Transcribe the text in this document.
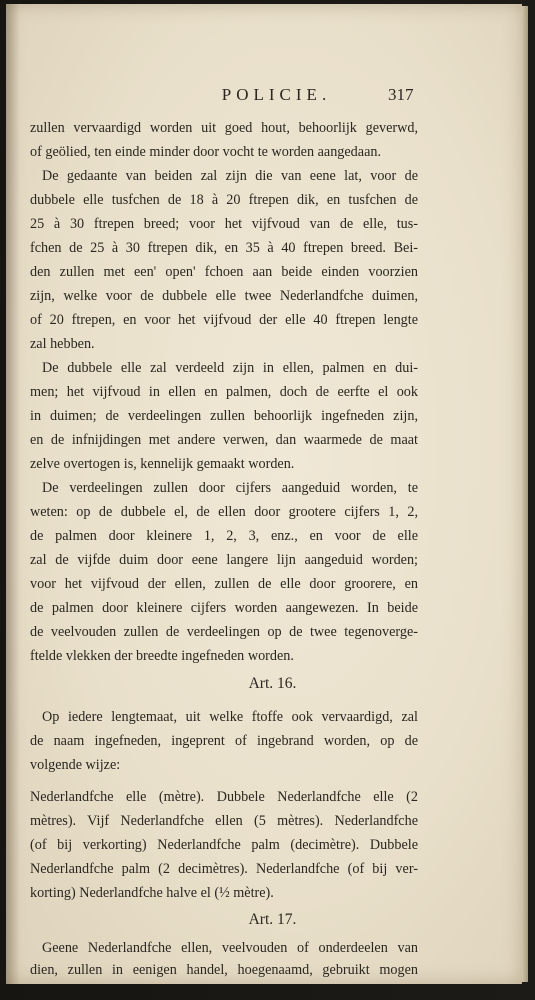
POLICIE.	317
zullen vervaardigd worden uit goed hout, behoorlijk geverwd,
of geölied, ten einde minder door vocht te worden aangedaan.
De gedaante van beiden zal zijn die van eene lat, voor de
dubbele elle tusfchen de 18 à 20 ftrepen dik, en tusfchen de
25 à 30 ftrepen breed; voor het vijfvoud van de elle, tus-
fchen de 25 à 30 ftrepen dik, en 35 à 40 ftrepen breed. Bei-
den zullen met een' open' fchoen aan beide einden voorzien
zijn, welke voor de dubbele elle twee Nederlandfche duimen,
of 20 ftrepen, en voor het vijfvoud der elle 40 ftrepen lengte
zal hebben.
De dubbele elle zal verdeeld zijn in ellen, palmen en dui-
men; het vijfvoud in ellen en palmen, doch de eerfte el ook
in duimen; de verdeelingen zullen behoorlijk ingefneden zijn,
en de infnijdingen met andere verwen, dan waarmede de maat
zelve overtogen is, kennelijk gemaakt worden.
De verdeelingen zullen door cijfers aangeduid worden, te
weten: op de dubbele el, de ellen door grootere cijfers 1, 2,
de palmen door kleinere 1, 2, 3, enz., en voor de elle
zal de vijfde duim door eene langere lijn aangeduid worden;
voor het vijfvoud der ellen, zullen de elle door groorere, en
de palmen door kleinere cijfers worden aangewezen. In beide
de veelvouden zullen de verdeelingen op de twee tegenoverge-
ftelde vlekken der breedte ingefneden worden.
Art. 16.
Op iedere lengtemaat, uit welke ftoffe ook vervaardigd, zal
de naam ingefneden, ingeprent of ingebrand worden, op de
volgende wijze:
Nederlandfche elle (mètre). Dubbele Nederlandfche elle (2
mètres). Vijf Nederlandfche ellen (5 mètres). Nederlandfche
(of bij verkorting) Nederlandfche palm (decimètre). Dubbele
Nederlandfche palm (2 decimètres). Nederlandfche (of bij ver-
korting) Nederlandfche halve el (½ mètre).
Art. 17.
Geene Nederlandfche ellen, veelvouden of onderdeelen van
dien, zullen in eenigen handel, hoegenaamd, gebruikt mogen
